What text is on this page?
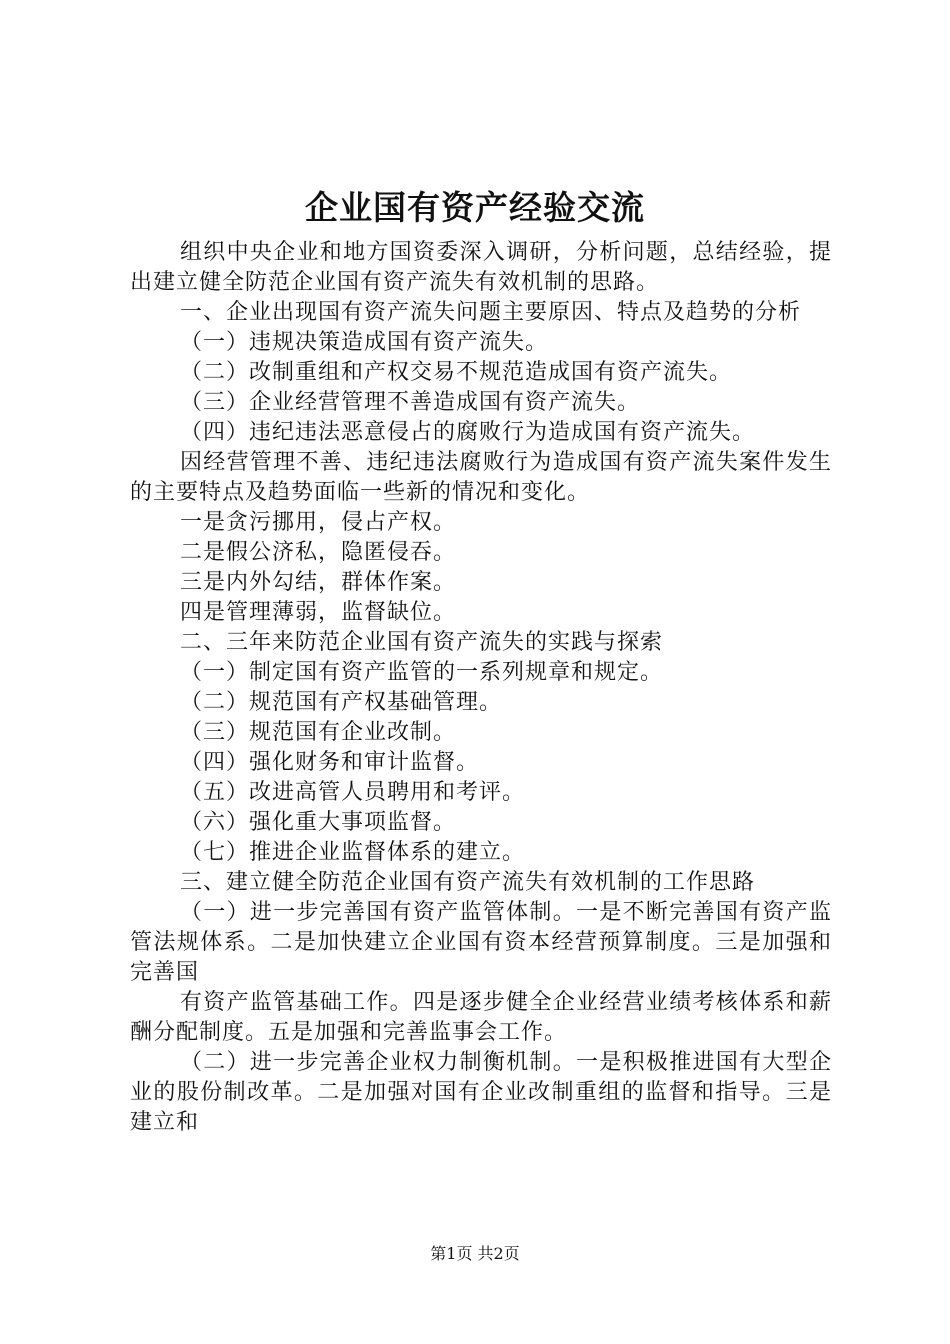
企业国有资产经验交流

组织中央企业和地方国资委深入调研，分析问题，总结经验，提出建立健全防范企业国有资产流失有效机制的思路。

一、企业出现国有资产流失问题主要原因、特点及趋势的分析

（一）违规决策造成国有资产流失。

（二）改制重组和产权交易不规范造成国有资产流失。

（三）企业经营管理不善造成国有资产流失。

（四）违纪违法恶意侵占的腐败行为造成国有资产流失。

因经营管理不善、违纪违法腐败行为造成国有资产流失案件发生的主要特点及趋势面临一些新的情况和变化。

一是贪污挪用，侵占产权。

二是假公济私，隐匿侵吞。

三是内外勾结，群体作案。

四是管理薄弱，监督缺位。

二、三年来防范企业国有资产流失的实践与探索

（一）制定国有资产监管的一系列规章和规定。

（二）规范国有产权基础管理。

（三）规范国有企业改制。

（四）强化财务和审计监督。

（五）改进高管人员聘用和考评。

（六）强化重大事项监督。

（七）推进企业监督体系的建立。

三、建立健全防范企业国有资产流失有效机制的工作思路

（一）进一步完善国有资产监管体制。一是不断完善国有资产监管法规体系。二是加快建立企业国有资本经营预算制度。三是加强和完善国

有资产监管基础工作。四是逐步健全企业经营业绩考核体系和薪酬分配制度。五是加强和完善监事会工作。

（二）进一步完善企业权力制衡机制。一是积极推进国有大型企业的股份制改革。二是加强对国有企业改制重组的监督和指导。三是建立和

第1页 共2页
